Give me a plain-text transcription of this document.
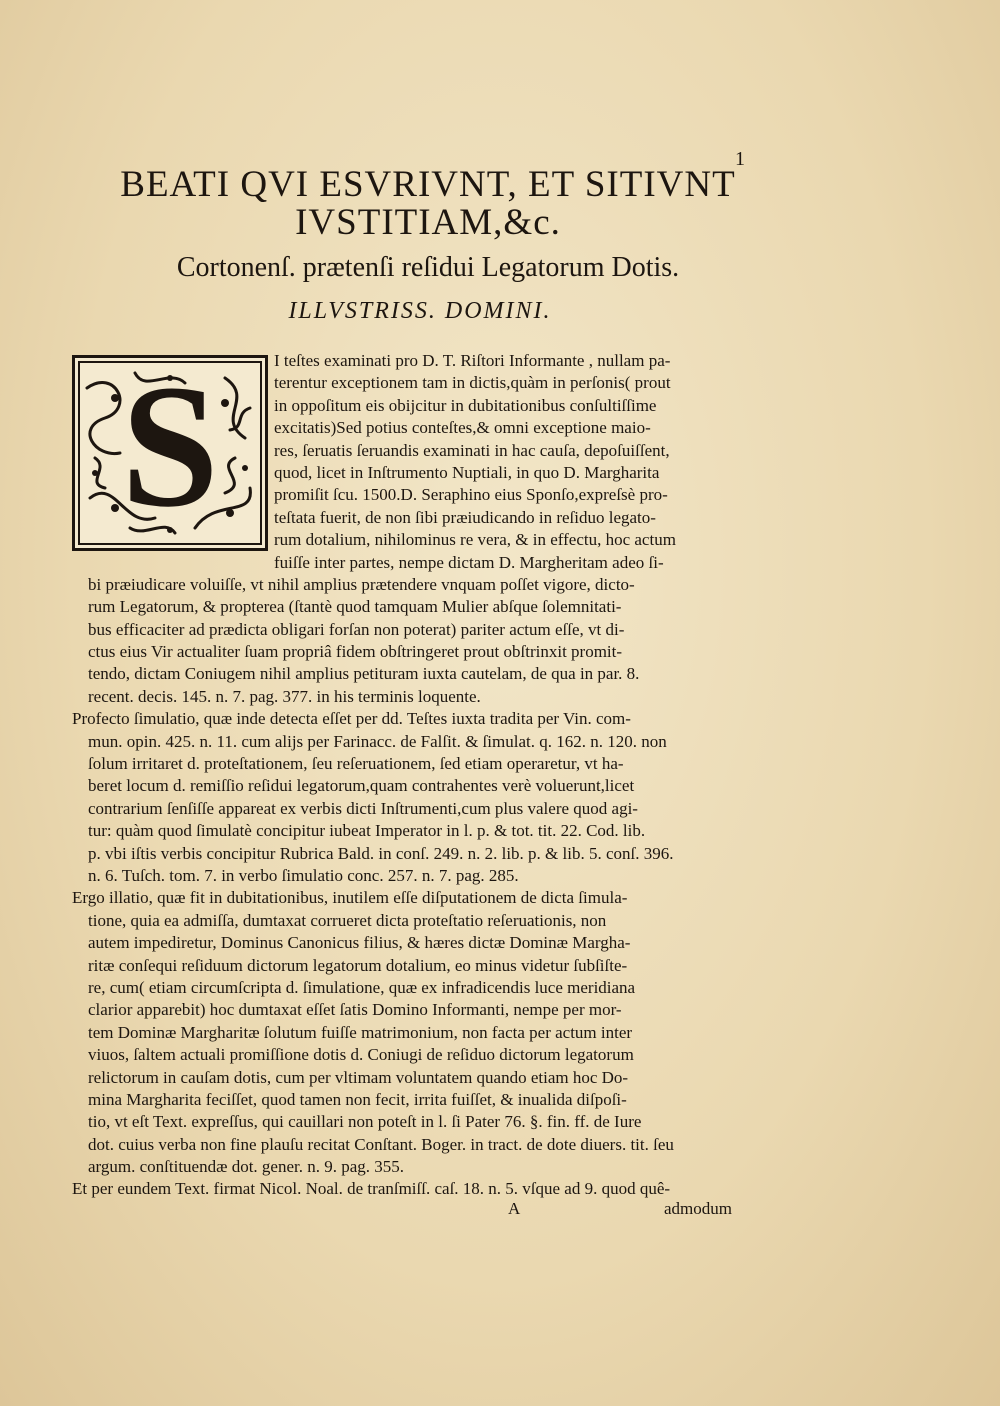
1
BEATI QVI ESVRIVNT, ET SITIVNT
IVSTITIAM,&c.
Cortonenſ. prætenſi reſidui Legatorum Dotis.
ILLVSTRISS. DOMINI.
S	I teſtes examinati pro D. T. Riſtori Informante , nullam pa-
terentur exceptionem tam in dictis,quàm in perſonis( prout
in oppoſitum eis obijcitur in dubitationibus conſultiſſime
excitatis)Sed potius conteſtes,& omni exceptione maio-
res, ſeruatis ſeruandis examinati in hac cauſa, depoſuiſſent,
quod, licet in Inſtrumento Nuptiali, in quo D. Margharita
promiſit ſcu. 1500.D. Seraphino eius Sponſo,expreſsè pro-
teſtata fuerit, de non ſibi præiudicando in reſiduo legato-
rum dotalium, nihilominus re vera, & in effectu, hoc actum
fuiſſe inter partes, nempe dictam D. Margheritam adeo ſi-
bi præiudicare voluiſſe, vt nihil amplius prætendere vnquam poſſet vigore, dicto-
rum Legatorum, & propterea (ſtantè quod tamquam Mulier abſque ſolemnitati-
bus efficaciter ad prædicta obligari forſan non poterat) pariter actum eſſe, vt di-
ctus eius Vir actualiter ſuam propriâ fidem obſtringeret prout obſtrinxit promit-
tendo, dictam Coniugem nihil amplius petituram iuxta cautelam, de qua in par. 8.
recent. decis. 145. n. 7. pag. 377. in his terminis loquente.
Profecto ſimulatio, quæ inde detecta eſſet per dd. Teſtes iuxta tradita per Vin. com-
mun. opin. 425. n. 11. cum alijs per Farinacc. de Falſit. & ſimulat. q. 162. n. 120. non
ſolum irritaret d. proteſtationem, ſeu reſeruationem, ſed etiam operaretur, vt ha-
beret locum d. remiſſio reſidui legatorum,quam contrahentes verè voluerunt,licet
contrarium ſenſiſſe appareat ex verbis dicti Inſtrumenti,cum plus valere quod agi-
tur: quàm quod ſimulatè concipitur iubeat Imperator in l. p. & tot. tit. 22. Cod. lib.
p. vbi iſtis verbis concipitur Rubrica Bald. in conſ. 249. n. 2. lib. p. & lib. 5. conſ. 396.
n. 6. Tuſch. tom. 7. in verbo ſimulatio conc. 257. n. 7. pag. 285.
Ergo illatio, quæ fit in dubitationibus, inutilem eſſe diſputationem de dicta ſimula-
tione, quia ea admiſſa, dumtaxat corrueret dicta proteſtatio reſeruationis, non
autem impediretur, Dominus Canonicus filius, & hæres dictæ Dominæ Margha-
ritæ conſequi reſiduum dictorum legatorum dotalium, eo minus videtur ſubſiſte-
re, cum( etiam circumſcripta d. ſimulatione, quæ ex infradicendis luce meridiana
clarior apparebit) hoc dumtaxat eſſet ſatis Domino Informanti, nempe per mor-
tem Dominæ Margharitæ ſolutum fuiſſe matrimonium, non facta per actum inter
viuos, ſaltem actuali promiſſione dotis d. Coniugi de reſiduo dictorum legatorum
relictorum in cauſam dotis, cum per vltimam voluntatem quando etiam hoc Do-
mina Margharita feciſſet, quod tamen non fecit, irrita fuiſſet, & inualida diſpoſi-
tio, vt eſt Text. expreſſus, qui cauillari non poteſt in l. ſi Pater 76. §. fin. ff. de Iure
dot. cuius verba non fine plauſu recitat Conſtant. Boger. in tract. de dote diuers. tit. ſeu
argum. conſtituendæ dot. gener. n. 9. pag. 355.
Et per eundem Text. firmat Nicol. Noal. de tranſmiſſ. caſ. 18. n. 5. vſque ad 9. quod quê-
A	admodum
